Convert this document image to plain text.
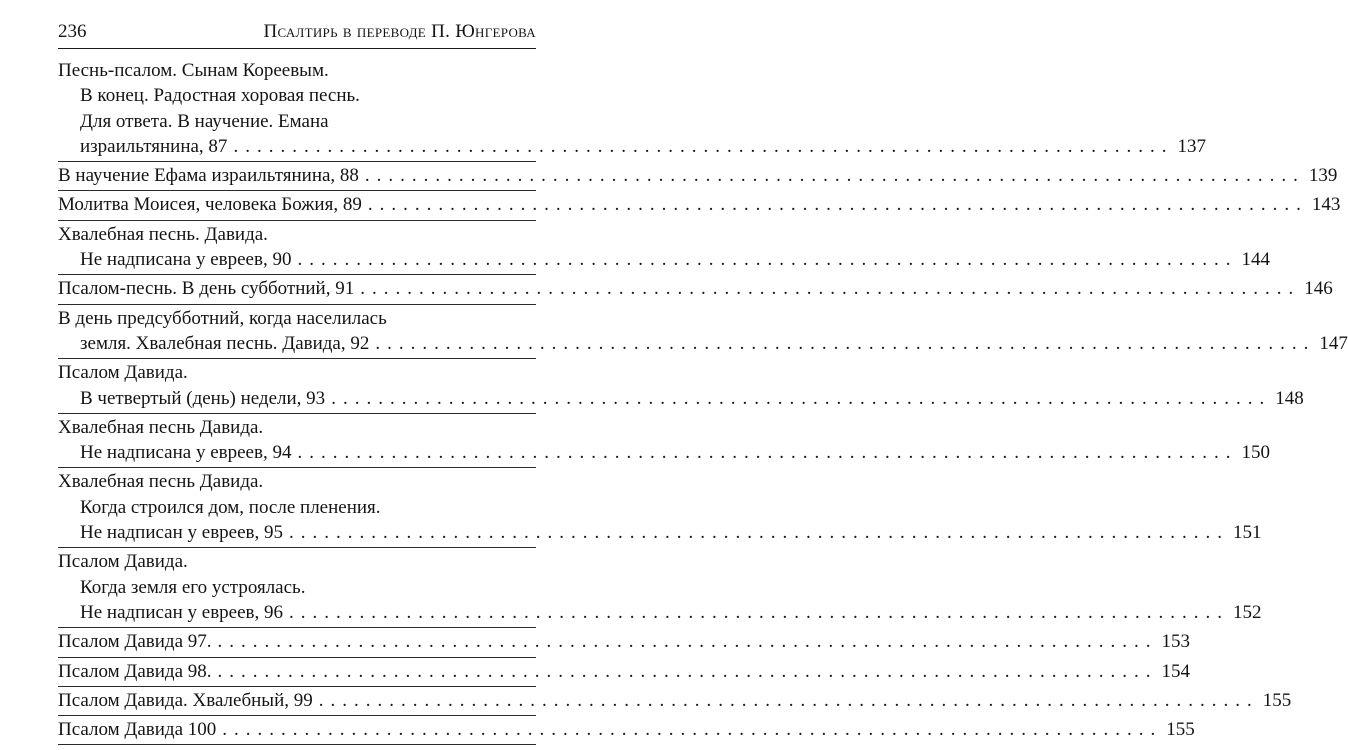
236	Псалтирь в переводе П. Юнгерова
Песнь-псалом. Сынам Кореевым.
В конец. Радостная хоровая песнь.
Для ответа. В научение. Емана
израильтянина, 87 ................................................................................ 137
В научение Ефама израильтянина, 88 ................................................................................ 139
Молитва Моисея, человека Божия, 89 ................................................................................ 143
Хвалебная песнь. Давида.
Не надписана у евреев, 90 ................................................................................ 144
Псалом-песнь. В день субботний, 91 ................................................................................ 146
В день предсубботний, когда населилась
земля. Хвалебная песнь. Давида, 92 ................................................................................ 147
Псалом Давида.
В четвертый (день) недели, 93 ................................................................................ 148
Хвалебная песнь Давида.
Не надписана у евреев, 94 ................................................................................ 150
Хвалебная песнь Давида.
Когда строился дом, после пленения.
Не надписан у евреев, 95 ................................................................................ 151
Псалом Давида.
Когда земля его устроялась.
Не надписан у евреев, 96 ................................................................................ 152
Псалом Давида 97. ................................................................................ 153
Псалом Давида 98. ................................................................................ 154
Псалом Давида. Хвалебный, 99 ................................................................................ 155
Псалом Давида 100 ................................................................................ 155
